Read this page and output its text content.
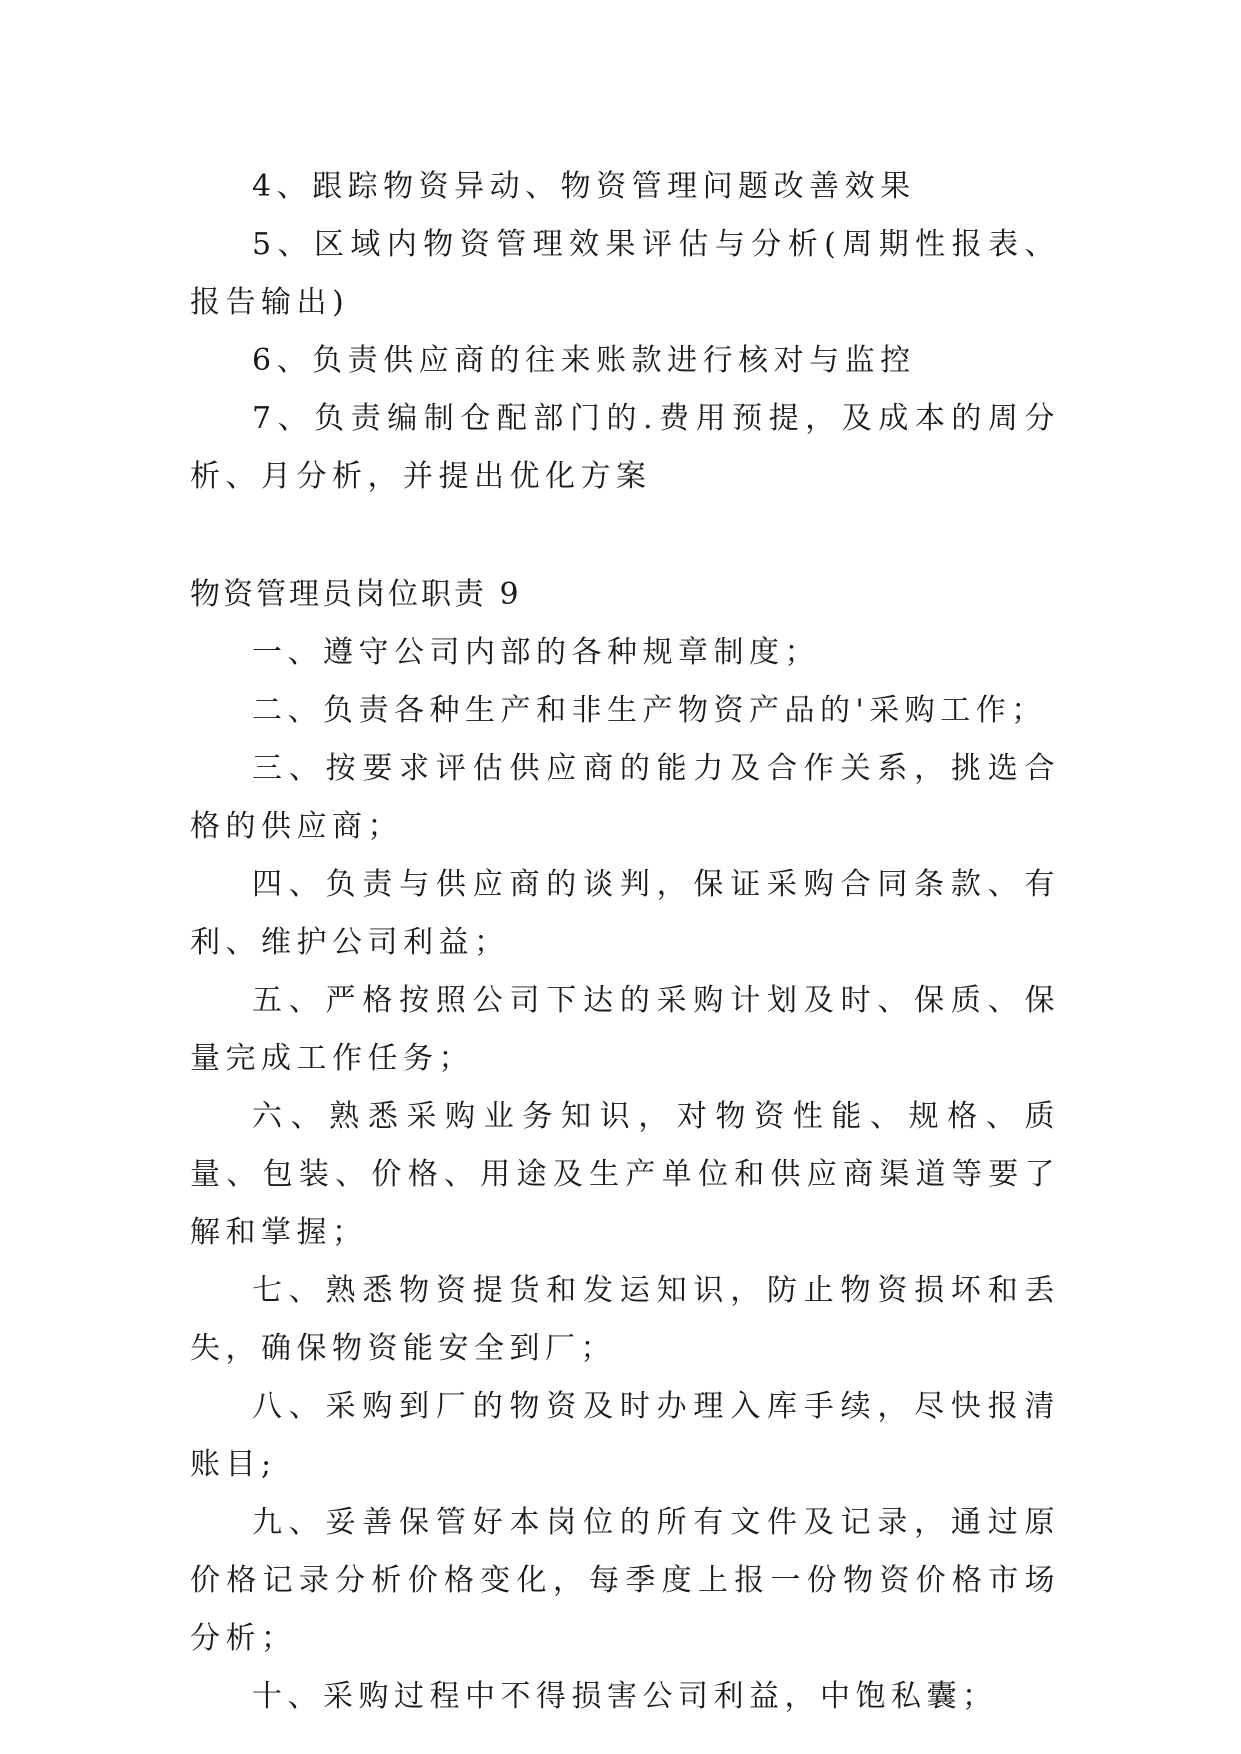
4、跟踪物资异动、物资管理问题改善效果

5、区域内物资管理效果评估与分析(周期性报表、报告输出)

6、负责供应商的往来账款进行核对与监控

7、负责编制仓配部门的.费用预提，及成本的周分析、月分析，并提出优化方案

物资管理员岗位职责 9

一、遵守公司内部的各种规章制度；

二、负责各种生产和非生产物资产品的'采购工作；

三、按要求评估供应商的能力及合作关系，挑选合格的供应商；

四、负责与供应商的谈判，保证采购合同条款、有利、维护公司利益；

五、严格按照公司下达的采购计划及时、保质、保量完成工作任务；

六、熟悉采购业务知识，对物资性能、规格、质量、包装、价格、用途及生产单位和供应商渠道等要了解和掌握；

七、熟悉物资提货和发运知识，防止物资损坏和丢失，确保物资能安全到厂；

八、采购到厂的物资及时办理入库手续，尽快报清账目;

九、妥善保管好本岗位的所有文件及记录，通过原价格记录分析价格变化，每季度上报一份物资价格市场分析；

十、采购过程中不得损害公司利益，中饱私囊；
